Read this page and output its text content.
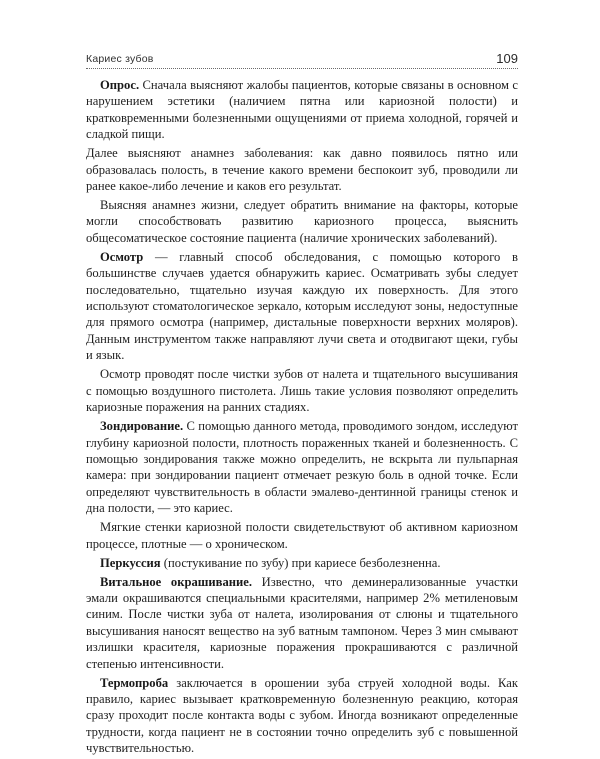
Кариес зубов	109

Опрос. Сначала выясняют жалобы пациентов, которые связаны в основном с нарушением эстетики (наличием пятна или кариозной полости) и кратковременными болезненными ощущениями от приема холодной, горячей и сладкой пищи.

Далее выясняют анамнез заболевания: как давно появилось пятно или образовалась полость, в течение какого времени беспокоит зуб, проводили ли ранее какое-либо лечение и каков его результат.

Выясняя анамнез жизни, следует обратить внимание на факторы, которые могли способствовать развитию кариозного процесса, выяснить общесоматическое состояние пациента (наличие хронических заболеваний).

Осмотр — главный способ обследования, с помощью которого в большинстве случаев удается обнаружить кариес. Осматривать зубы следует последовательно, тщательно изучая каждую их поверхность. Для этого используют стоматологическое зеркало, которым исследуют зоны, недоступные для прямого осмотра (например, дистальные поверхности верхних моляров). Данным инструментом также направляют лучи света и отодвигают щеки, губы и язык.

Осмотр проводят после чистки зубов от налета и тщательного высушивания с помощью воздушного пистолета. Лишь такие условия позволяют определить кариозные поражения на ранних стадиях.

Зондирование. С помощью данного метода, проводимого зондом, исследуют глубину кариозной полости, плотность пораженных тканей и болезненность. С помощью зондирования также можно определить, не вскрыта ли пульпарная камера: при зондировании пациент отмечает резкую боль в одной точке. Если определяют чувствительность в области эмалево-дентинной границы стенок и дна полости, — это кариес.

Мягкие стенки кариозной полости свидетельствуют об активном кариозном процессе, плотные — о хроническом.

Перкуссия (постукивание по зубу) при кариесе безболезненна.

Витальное окрашивание. Известно, что деминерализованные участки эмали окрашиваются специальными красителями, например 2% метиленовым синим. После чистки зуба от налета, изолирования от слюны и тщательного высушивания наносят вещество на зуб ватным тампоном. Через 3 мин смывают излишки красителя, кариозные поражения прокрашиваются с различной степенью интенсивности.

Термопроба заключается в орошении зуба струей холодной воды. Как правило, кариес вызывает кратковременную болезненную реакцию, которая сразу проходит после контакта воды с зубом. Иногда возникают определенные трудности, когда пациент не в состоянии точно определить зуб с повышенной чувствительностью.
